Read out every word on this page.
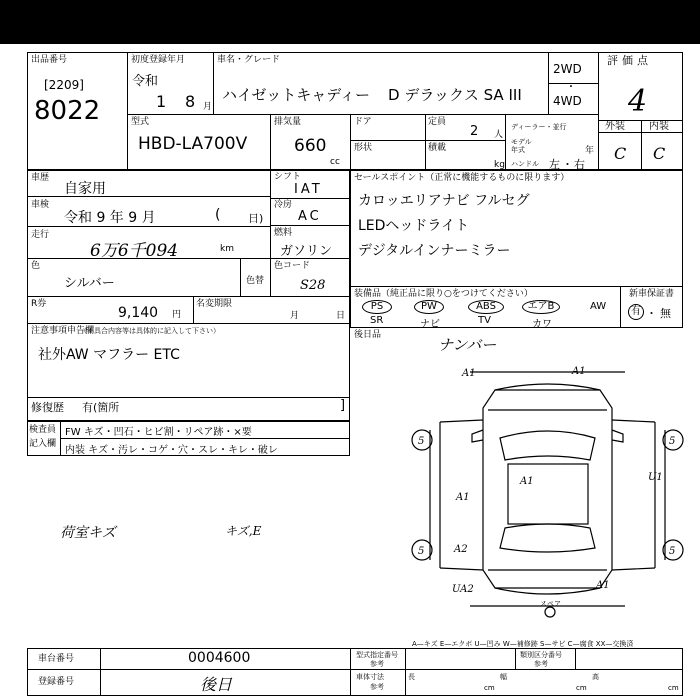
出品番号
[2209]
8022
初度登録年月
令和
1 8 月
車名・グレード
ハイゼットキャディー D デラックス SA III
2WD
・
4WD
評価点
4
外装 内装
C C
型式
HBD-LA700V
排気量
660
cc
ドア	定員
2 人
形状	積載
kg
ディーラー・並行
モデル年式	年
ハンドル 左 ・ 右
車歴
自家用
車検
令和 9 年 9 月	(	日)
走行
6万6千094	km
シフト
IAT
冷房
AC
燃料
ガソリン
色
シルバー	色替
色コード
S28
R券
9,140 円
名変期限
月	日
注意事項申告欄
（不具合内容等は具体的に記入して下さい）
社外AW マフラー ETC
修復歴 有(箇所	]
セールスポイント（正常に機能するものに限ります）
カロッエリアナビ フルセグ
LEDヘッドライト
デジタルインナーミラー
装備品（純正品に限り○をつけてください）
PS	PW	ABS	エアB	AW
SR	ナビ	TV	カワ
新車保証書
有 ・ 無
後日品
ナンバー
検査員
記入欄
FW キズ・凹石・ヒビ割・リペア跡・×要
内装 キズ・汚レ・コゲ・穴・スレ・キレ・破レ
荷室キズ	キズ,E
A1	A1
5	5
A1
U1
A2
5	5
UA2	A1
A1
スペア
A—キズ E—エクボ U—凹み W—補修跡 S—サビ C—腐食 XX—交換済
車台番号	0004600
登録番号	後日
型式指定番号
参考
類別区分番号
参考
車体寸法
参考
長
cm
幅
cm
高
cm
